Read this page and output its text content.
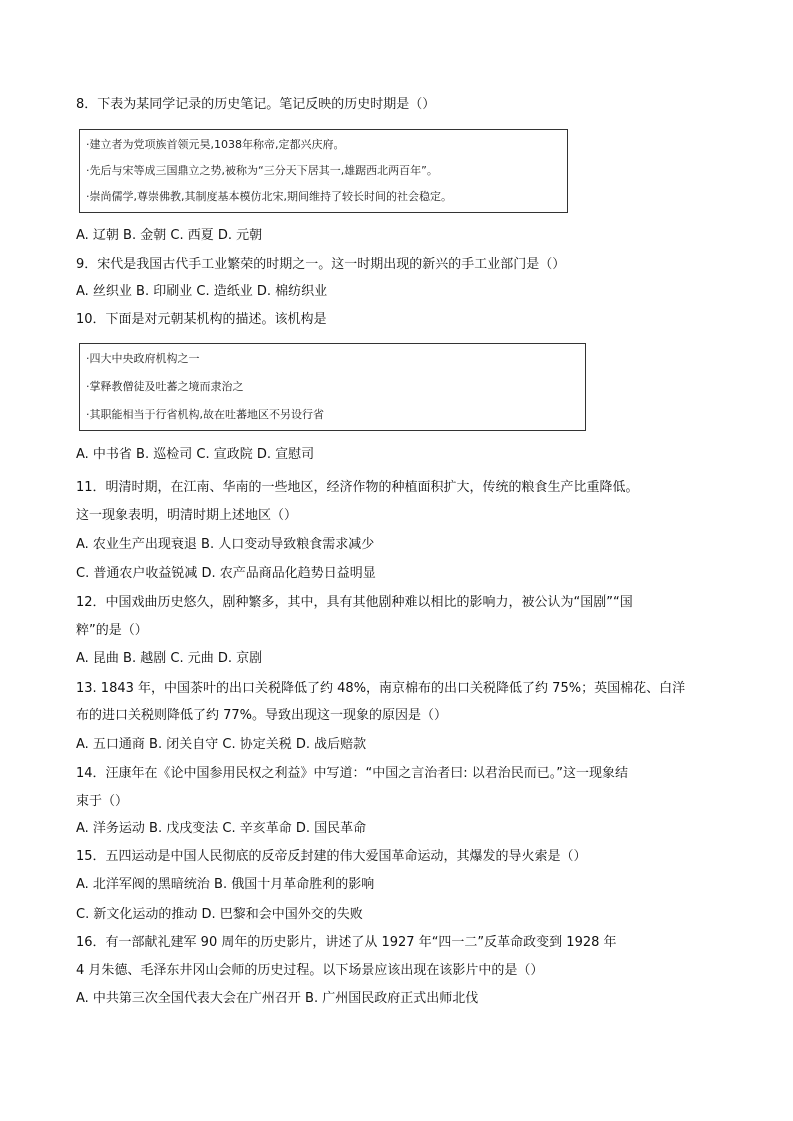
8．下表为某同学记录的历史笔记。笔记反映的历史时期是（）
·建立者为党项族首领元昊,1038年称帝,定都兴庆府。
·先后与宋等成三国鼎立之势,被称为“三分天下居其一,雄踞西北两百年”。
·崇尚儒学,尊崇佛教,其制度基本模仿北宋,期间维持了较长时间的社会稳定。
A. 辽朝 B. 金朝 C. 西夏 D. 元朝
9．宋代是我国古代手工业繁荣的时期之一。这一时期出现的新兴的手工业部门是（）
A. 丝织业 B. 印刷业 C. 造纸业 D. 棉纺织业
10．下面是对元朝某机构的描述。该机构是
·四大中央政府机构之一
·掌释教僧徒及吐蕃之境而隶治之
·其职能相当于行省机构,故在吐蕃地区不另设行省
A. 中书省 B. 巡检司 C. 宣政院 D. 宣慰司
11．明清时期，在江南、华南的一些地区，经济作物的种植面积扩大，传统的粮食生产比重降低。
这一现象表明，明清时期上述地区（）
A. 农业生产出现衰退 B. 人口变动导致粮食需求减少
C. 普通农户收益锐减 D. 农产品商品化趋势日益明显
12．中国戏曲历史悠久，剧种繁多，其中，具有其他剧种难以相比的影响力，被公认为“国剧”“国
粹”的是（）
A. 昆曲 B. 越剧 C. 元曲 D. 京剧
13. 1843 年，中国茶叶的出口关税降低了约 48%，南京棉布的出口关税降低了约 75%；英国棉花、白洋
布的进口关税则降低了约 77%。导致出现这一现象的原因是（）
A. 五口通商 B. 闭关自守 C. 协定关税 D. 战后赔款
14．汪康年在《论中国参用民权之利益》中写道：“中国之言治者曰: 以君治民而已。”这一现象结
束于（）
A. 洋务运动 B. 戊戌变法 C. 辛亥革命 D. 国民革命
15．五四运动是中国人民彻底的反帝反封建的伟大爱国革命运动，其爆发的导火索是（）
A. 北洋军阀的黑暗统治 B. 俄国十月革命胜利的影响
C. 新文化运动的推动 D. 巴黎和会中国外交的失败
16．有一部献礼建军 90 周年的历史影片，讲述了从 1927 年“四一二”反革命政变到 1928 年
4 月朱德、毛泽东井冈山会师的历史过程。以下场景应该出现在该影片中的是（）
A. 中共第三次全国代表大会在广州召开 B. 广州国民政府正式出师北伐
